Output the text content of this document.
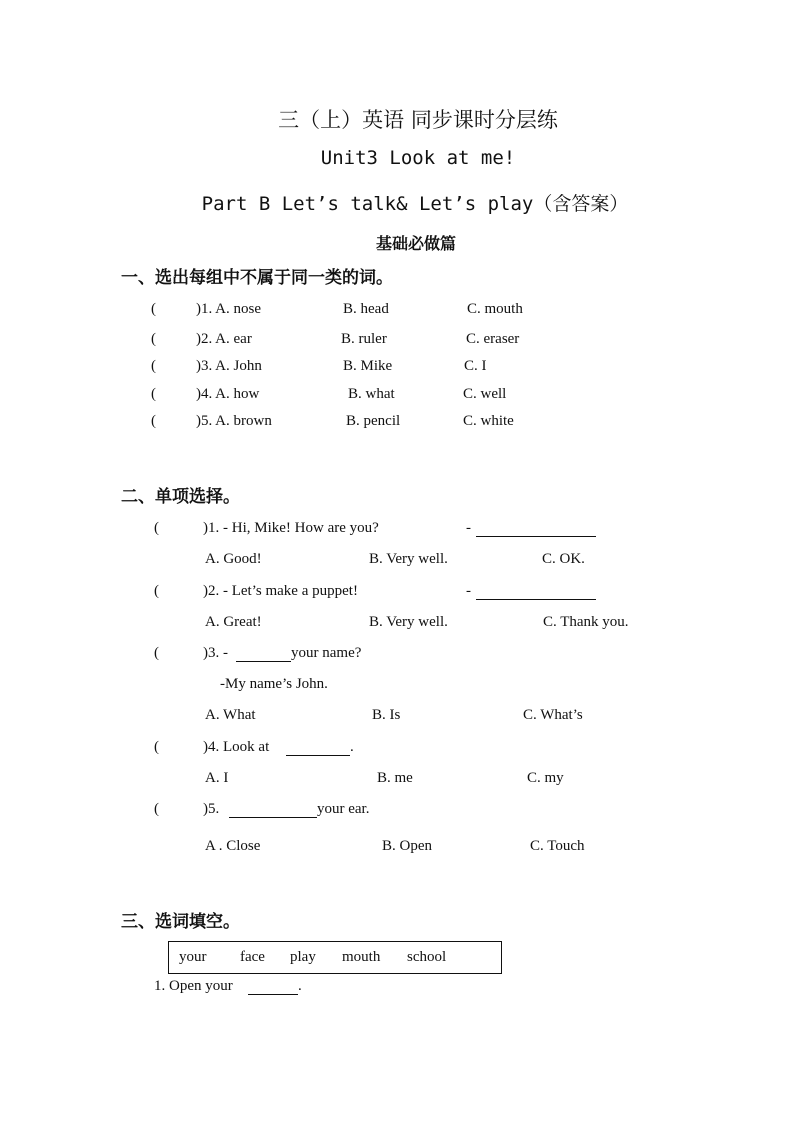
三（上）英语 同步课时分层练
Unit3 Look at me!
Part B Let’s talk& Let’s play（含答案）
基础必做篇
一、选出每组中不属于同一类的词。
(	)1. A. nose	B. head	C. mouth
(	)2. A. ear	B. ruler	C. eraser
(	)3. A. John	B. Mike	C. I
(	)4. A. how	B. what	C. well
(	)5. A. brown	B. pencil	C. white
二、单项选择。
(	)1. - Hi, Mike! How are you?	-
A. Good!	B. Very well.	C. OK.
(	)2. - Let’s make a puppet!	-
A. Great!	B. Very well.	C. Thank you.
(	)3. -	your name?
-My name’s John.
A. What	B. Is	C. What’s
(	)4. Look at	.
A. I	B. me	C. my
(	)5.	your ear.
A . Close	B. Open	C. Touch
三、选词填空。
your face play mouth school
1. Open your	.
